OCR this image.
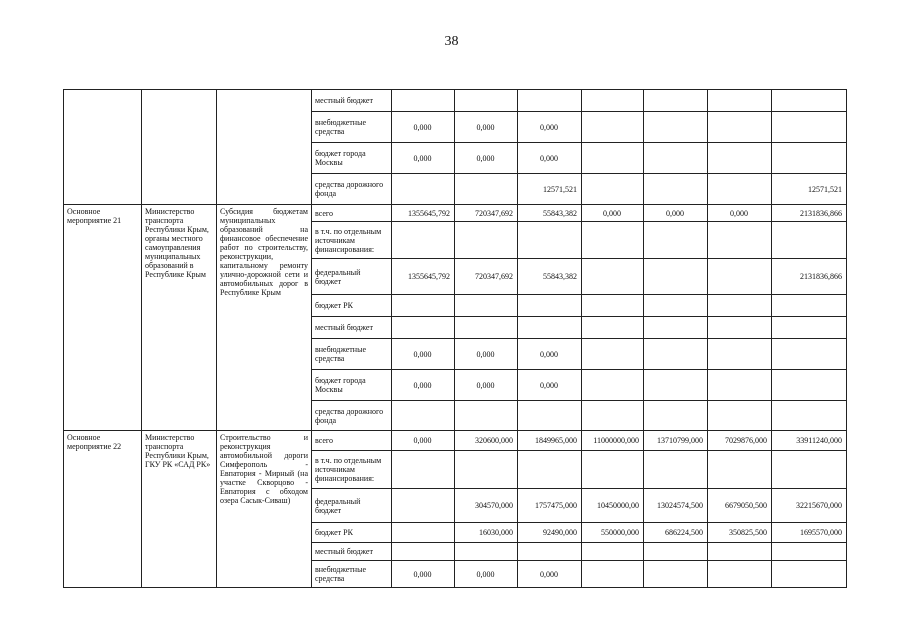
38
			местный бюджет							
			внебюджетные средства	0,000	0,000	0,000				
			бюджет города Москвы	0,000	0,000	0,000				
			средства дорожного фонда			12571,521				12571,521
Основное мероприятие 21	Министерство транспорта Республики Крым, органы местного самоуправления муниципальных образований в Республике Крым	Субсидия бюджетам муниципальных образований на финансовое обеспечение работ по строительству, реконструкции, капитальному ремонту улично-дорожной сети и автомобильных дорог в Республике Крым	всего	1355645,792	720347,692	55843,382	0,000	0,000	0,000	2131836,866
			в т.ч. по отдельным источникам финансирования:							
			федеральный бюджет	1355645,792	720347,692	55843,382				2131836,866
			бюджет РК							
			местный бюджет							
			внебюджетные средства	0,000	0,000	0,000				
			бюджет города Москвы	0,000	0,000	0,000				
			средства дорожного фонда							
Основное мероприятие 22	Министерство транспорта Республики Крым, ГКУ РК «САД РК»	Строительство и реконструкция автомобильной дороги Симферополь - Евпатория - Мирный (на участке Скворцово - Евпатория с обходом озера Сасык-Сиваш)	всего	0,000	320600,000	1849965,000	11000000,000	13710799,000	7029876,000	33911240,000
			в т.ч. по отдельным источникам финансирования:							
			федеральный бюджет		304570,000	1757475,000	10450000,00	13024574,500	6679050,500	32215670,000
			бюджет РК		16030,000	92490,000	550000,000	686224,500	350825,500	1695570,000
			местный бюджет							
			внебюджетные средства	0,000	0,000	0,000				
